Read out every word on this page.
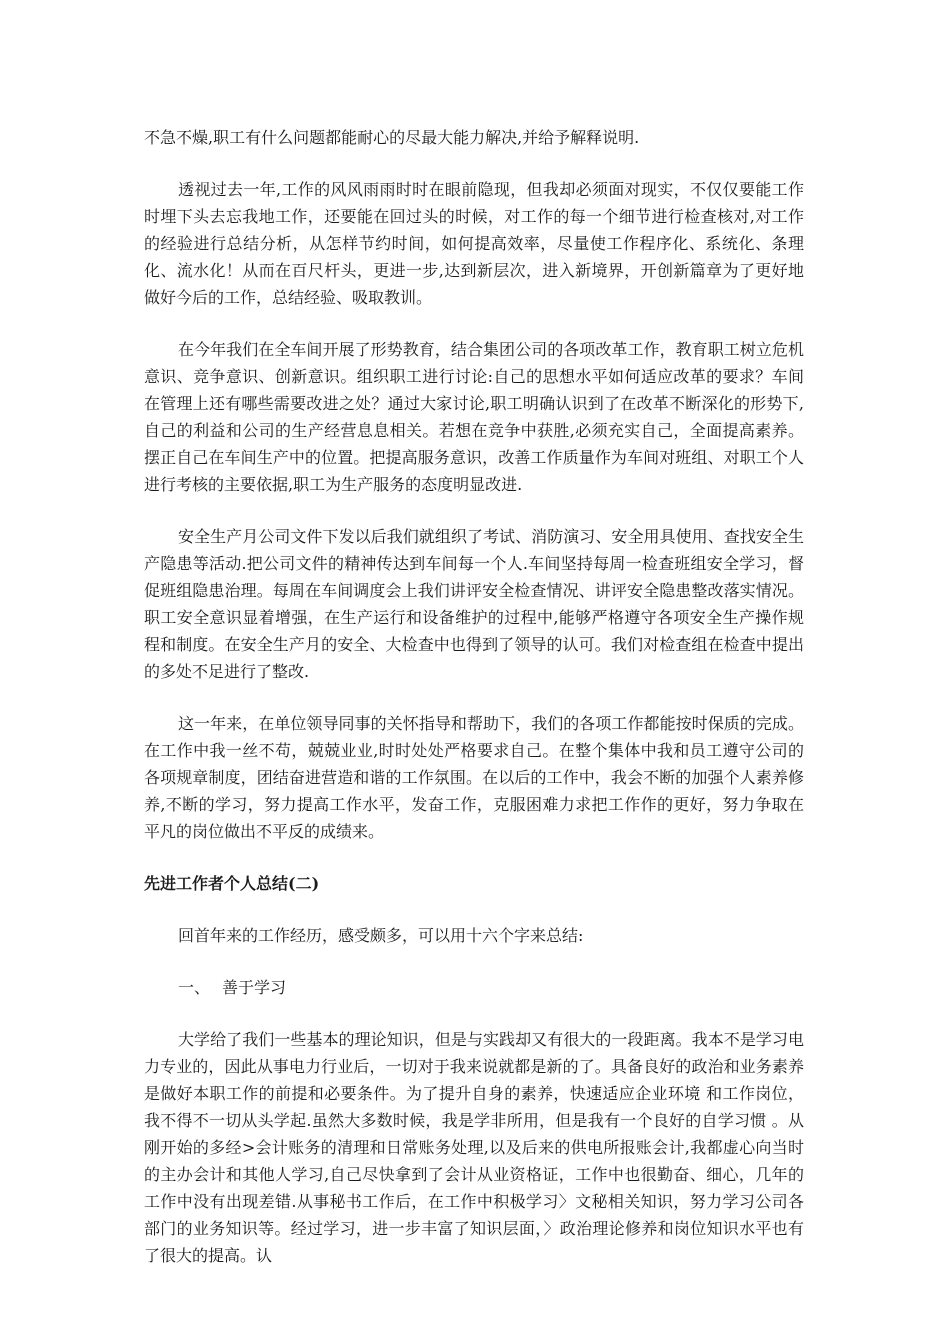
不急不燥,职工有什么问题都能耐心的尽最大能力解决,并给予解释说明.

透视过去一年,工作的风风雨雨时时在眼前隐现，但我却必须面对现实，不仅仅要能工作时埋下头去忘我地工作，还要能在回过头的时候，对工作的每一个细节进行检查核对,对工作的经验进行总结分析，从怎样节约时间，如何提高效率，尽量使工作程序化、系统化、条理化、流水化！从而在百尺杆头，更进一步,达到新层次，进入新境界，开创新篇章为了更好地做好今后的工作，总结经验、吸取教训。

在今年我们在全车间开展了形势教育，结合集团公司的各项改革工作，教育职工树立危机意识、竞争意识、创新意识。组织职工进行讨论:自己的思想水平如何适应改革的要求？车间在管理上还有哪些需要改进之处？通过大家讨论,职工明确认识到了在改革不断深化的形势下,自己的利益和公司的生产经营息息相关。若想在竞争中获胜,必须充实自己，全面提高素养。摆正自己在车间生产中的位置。把提高服务意识，改善工作质量作为车间对班组、对职工个人进行考核的主要依据,职工为生产服务的态度明显改进.

安全生产月公司文件下发以后我们就组织了考试、消防演习、安全用具使用、查找安全生产隐患等活动.把公司文件的精神传达到车间每一个人.车间坚持每周一检查班组安全学习，督促班组隐患治理。每周在车间调度会上我们讲评安全检查情况、讲评安全隐患整改落实情况。职工安全意识显着增强，在生产运行和设备维护的过程中,能够严格遵守各项安全生产操作规程和制度。在安全生产月的安全、大检查中也得到了领导的认可。我们对检查组在检查中提出的多处不足进行了整改.

这一年来，在单位领导同事的关怀指导和帮助下，我们的各项工作都能按时保质的完成。在工作中我一丝不苟，兢兢业业,时时处处严格要求自己。在整个集体中我和员工遵守公司的各项规章制度，团结奋进营造和谐的工作氛围。在以后的工作中，我会不断的加强个人素养修养,不断的学习，努力提高工作水平，发奋工作，克服困难力求把工作作的更好，努力争取在平凡的岗位做出不平反的成绩来。

先进工作者个人总结(二)

回首年来的工作经历，感受颇多，可以用十六个字来总结:

一、 善于学习

大学给了我们一些基本的理论知识，但是与实践却又有很大的一段距离。我本不是学习电力专业的，因此从事电力行业后，一切对于我来说就都是新的了。具备良好的政治和业务素养是做好本职工作的前提和必要条件。为了提升自身的素养，快速适应企业环境 和工作岗位，我不得不一切从头学起.虽然大多数时候，我是学非所用，但是我有一个良好的自学习惯 。从刚开始的多经>会计账务的清理和日常账务处理,以及后来的供电所报账会计,我都虚心向当时的主办会计和其他人学习,自己尽快拿到了会计从业资格证，工作中也很勤奋、细心，几年的工作中没有出现差错.从事秘书工作后，在工作中积极学习〉文秘相关知识，努力学习公司各部门的业务知识等。经过学习，进一步丰富了知识层面，〉政治理论修养和岗位知识水平也有了很大的提高。认
